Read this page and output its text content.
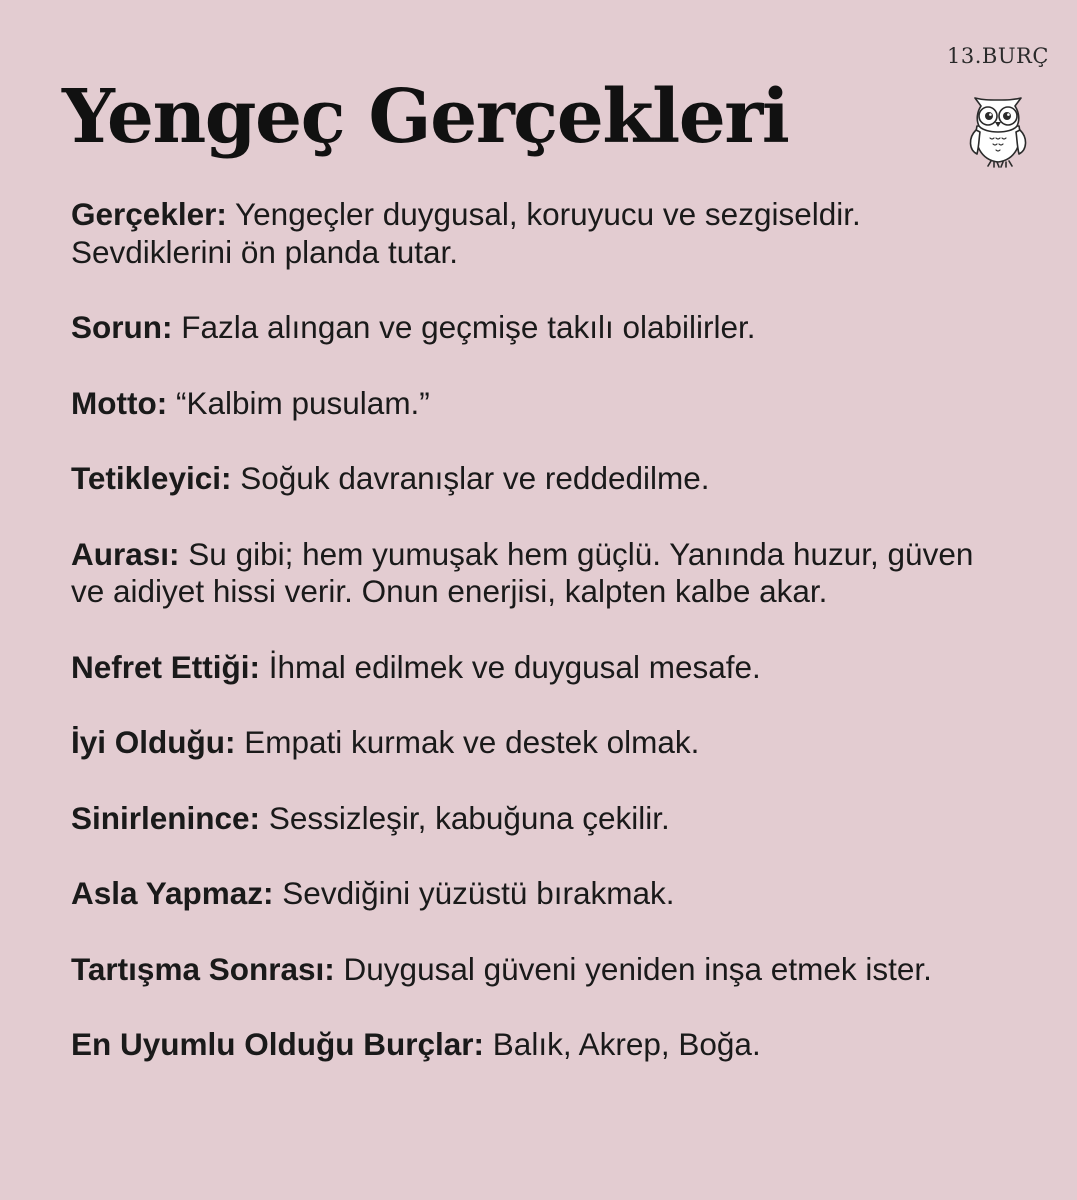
Yengeç Gerçekleri
13.BURÇ
Gerçekler: Yengeçler duygusal, koruyucu ve sezgiseldir. Sevdiklerini ön planda tutar.
Sorun: Fazla alıngan ve geçmişe takılı olabilirler.
Motto: “Kalbim pusulam.”
Tetikleyici: Soğuk davranışlar ve reddedilme.
Aurası: Su gibi; hem yumuşak hem güçlü. Yanında huzur, güven ve aidiyet hissi verir. Onun enerjisi, kalpten kalbe akar.
Nefret Ettiği: İhmal edilmek ve duygusal mesafe.
İyi Olduğu: Empati kurmak ve destek olmak.
Sinirlenince: Sessizleşir, kabuğuna çekilir.
Asla Yapmaz: Sevdiğini yüzüstü bırakmak.
Tartışma Sonrası: Duygusal güveni yeniden inşa etmek ister.
En Uyumlu Olduğu Burçlar: Balık, Akrep, Boğa.
